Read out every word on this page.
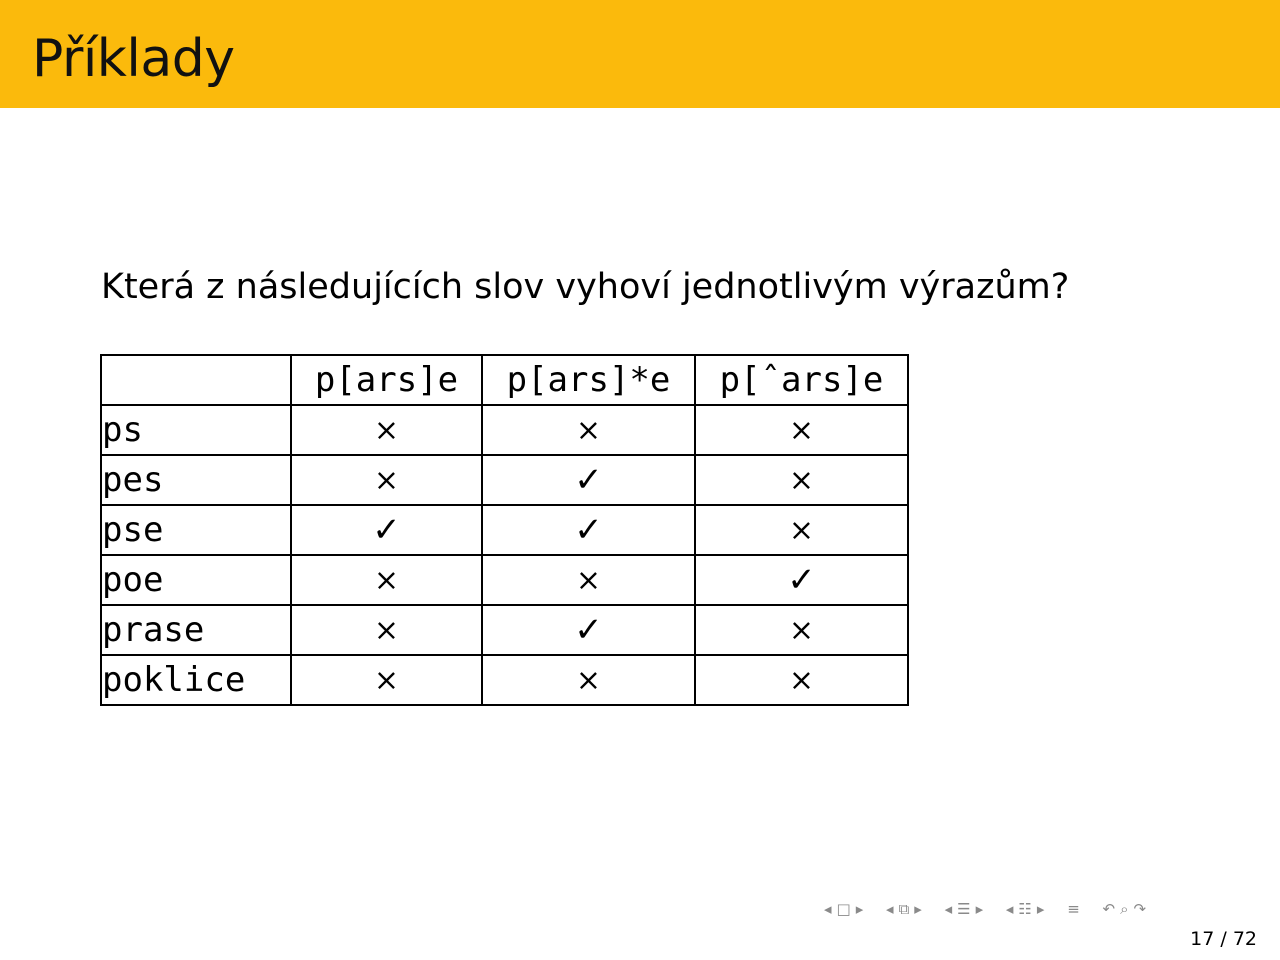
Příklady
Která z následujících slov vyhoví jednotlivým výrazům?
	p[ars]e	p[ars]*e	p[ˆars]e
ps	×	×	×
pes	×	✓	×
pse	✓	✓	×
poe	×	×	✓
prase	×	✓	×
poklice	×	×	×
◂ □ ▸ ◂ ⧉ ▸ ◂ ☰ ▸ ◂ ☷ ▸ ≡ ↶ ⌕ ↷
17 / 72
